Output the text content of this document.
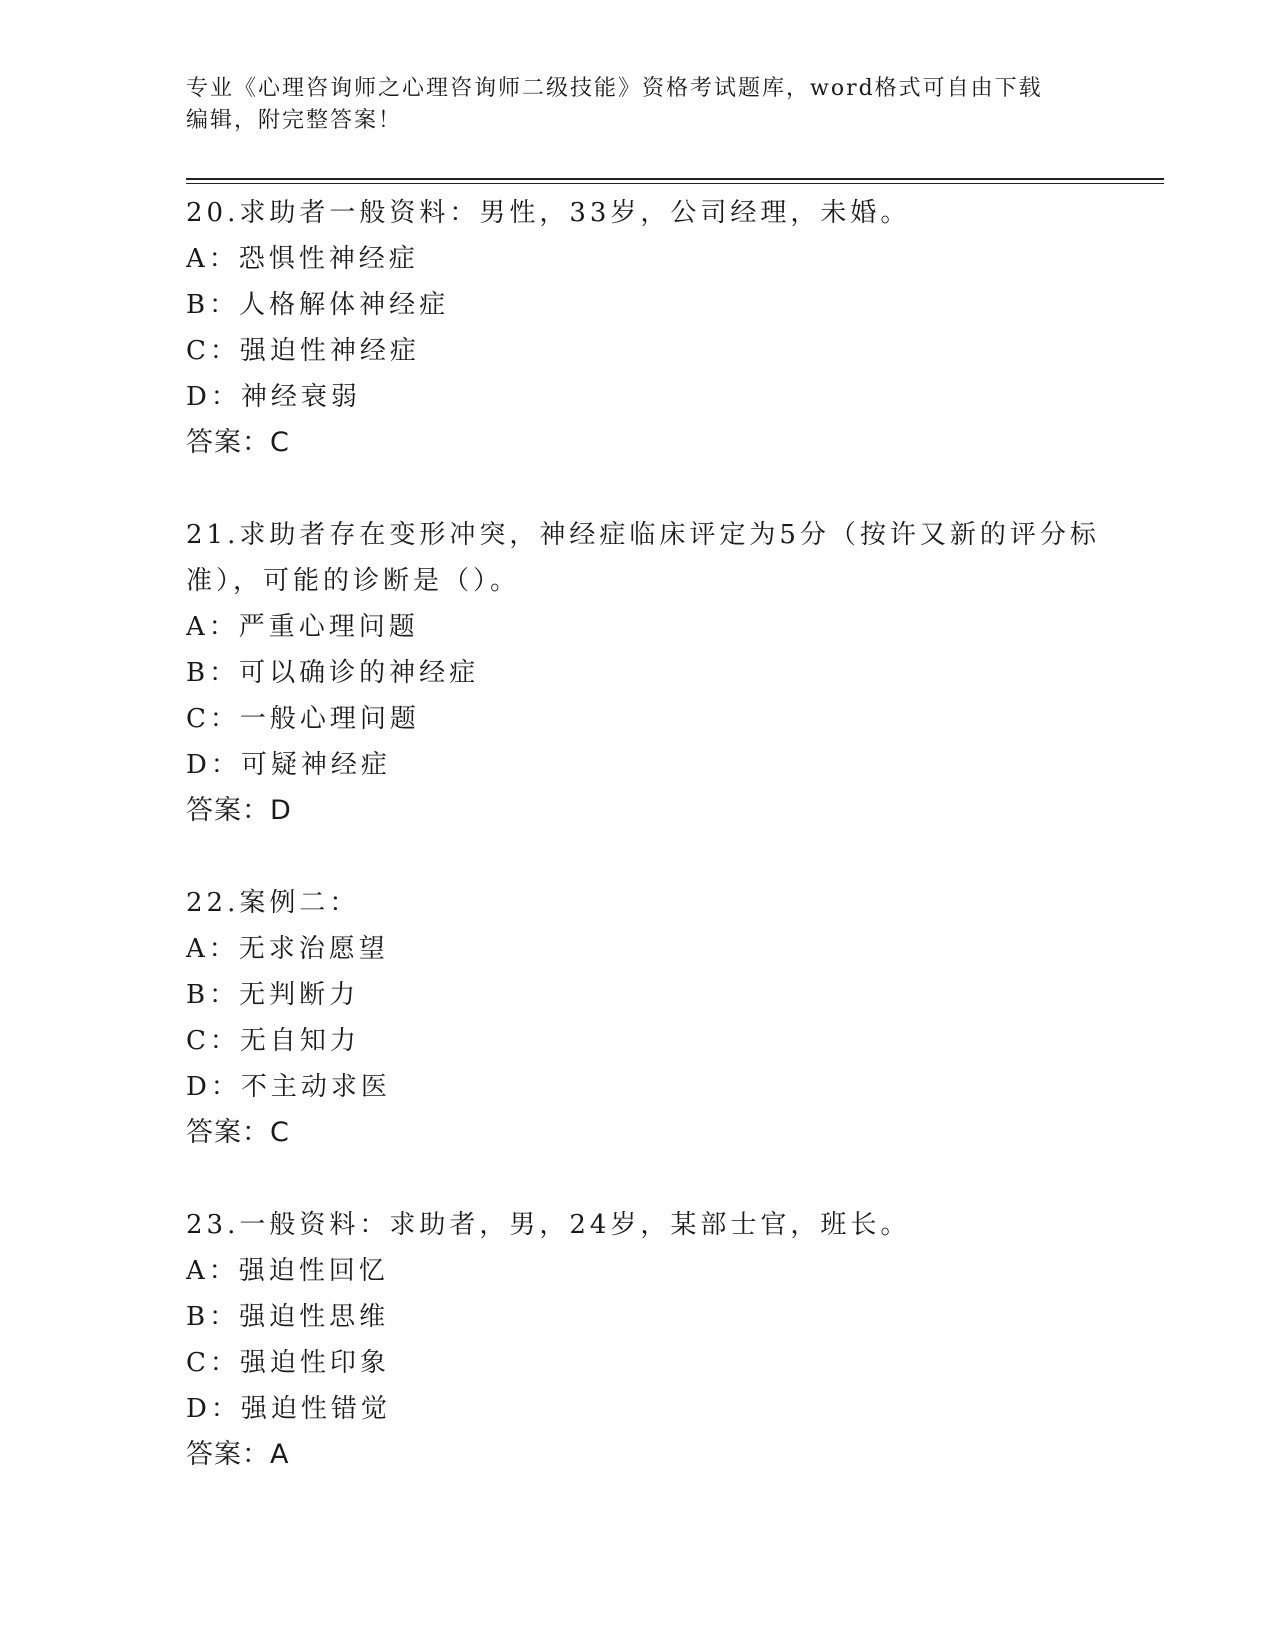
专业《心理咨询师之心理咨询师二级技能》资格考试题库，word格式可自由下载
编辑，附完整答案！
20.求助者一般资料：男性，33岁，公司经理，未婚。
A：恐惧性神经症
B：人格解体神经症
C：强迫性神经症
D：神经衰弱
答案：C
21.求助者存在变形冲突，神经症临床评定为5分（按许又新的评分标准），可能的诊断是（）。
A：严重心理问题
B：可以确诊的神经症
C：一般心理问题
D：可疑神经症
答案：D
22.案例二：
A：无求治愿望
B：无判断力
C：无自知力
D：不主动求医
答案：C
23.一般资料：求助者，男，24岁，某部士官，班长。
A：强迫性回忆
B：强迫性思维
C：强迫性印象
D：强迫性错觉
答案：A
